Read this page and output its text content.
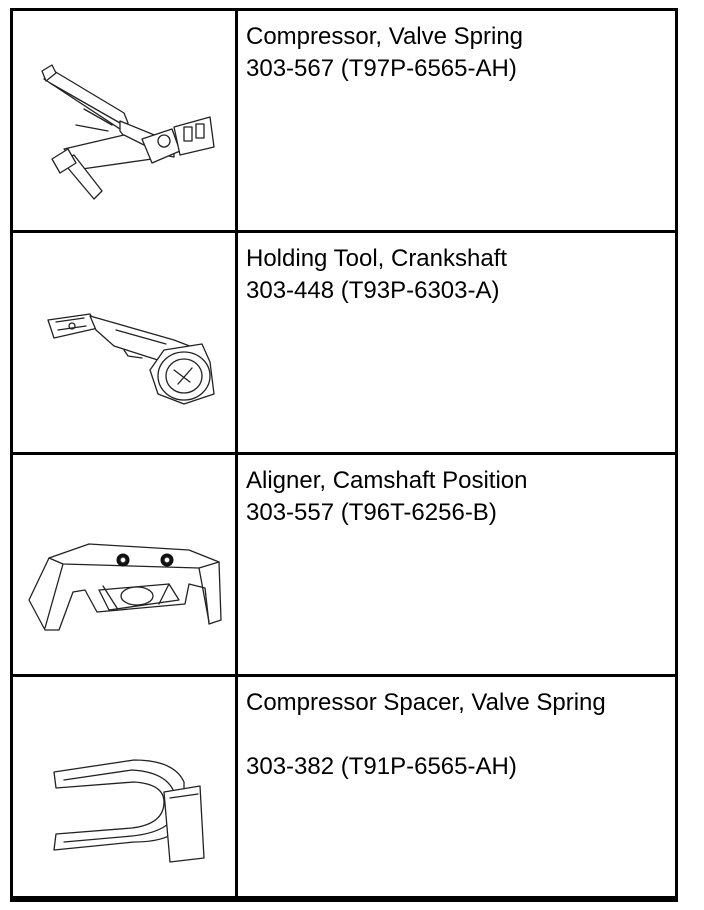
Compressor, Valve Spring
303-567 (T97P-6565-AH)
Holding Tool, Crankshaft
303-448 (T93P-6303-A)
Aligner, Camshaft Position
303-557 (T96T-6256-B)
Compressor Spacer, Valve Spring
303-382 (T91P-6565-AH)
